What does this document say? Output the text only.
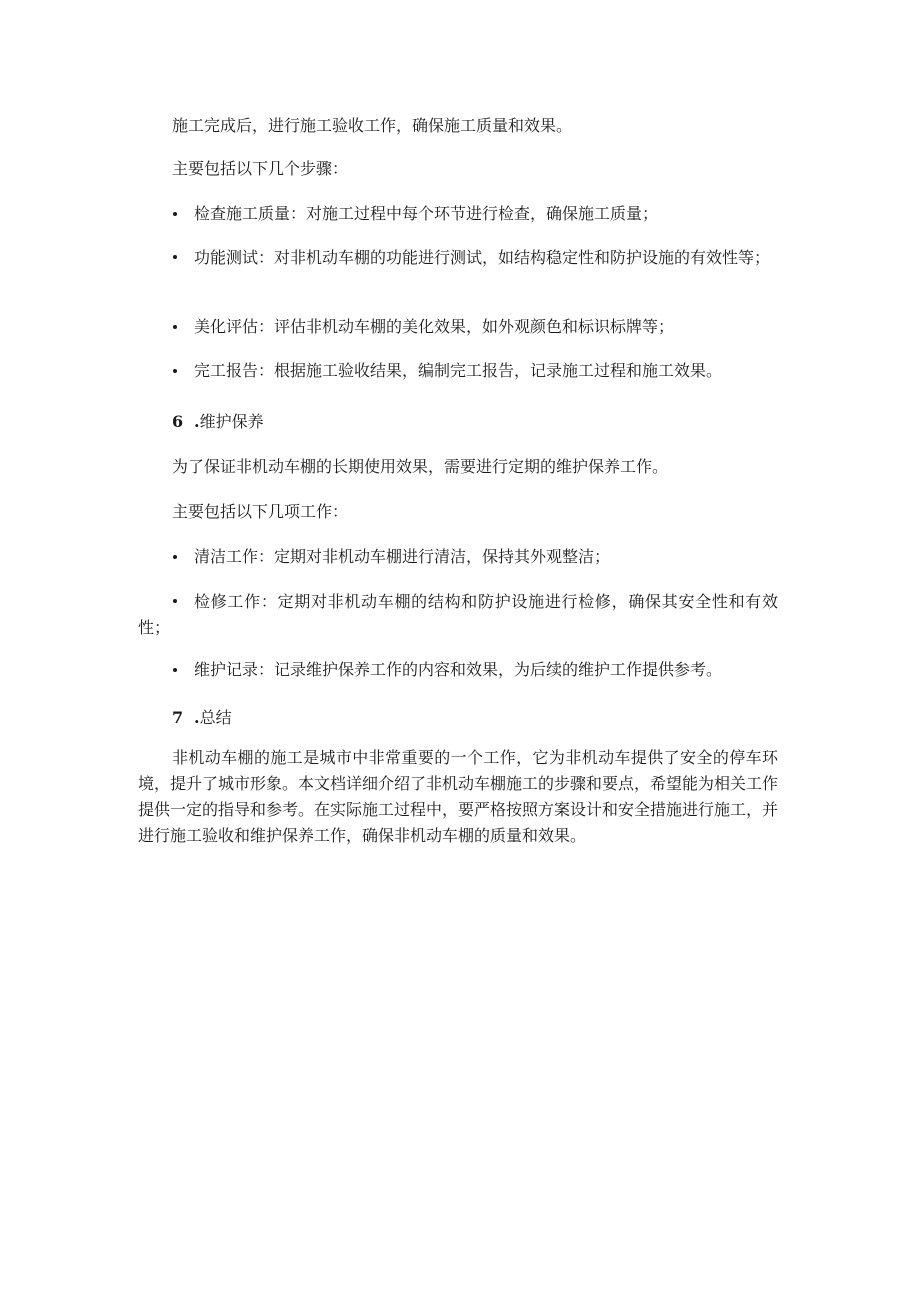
施工完成后，进行施工验收工作，确保施工质量和效果。

主要包括以下几个步骤：

检查施工质量：对施工过程中每个环节进行检查，确保施工质量；

功能测试：对非机动车棚的功能进行测试，如结构稳定性和防护设施的有效性等；

美化评估：评估非机动车棚的美化效果，如外观颜色和标识标牌等；

完工报告：根据施工验收结果，编制完工报告，记录施工过程和施工效果。

6 .维护保养

为了保证非机动车棚的长期使用效果，需要进行定期的维护保养工作。

主要包括以下几项工作：

清洁工作：定期对非机动车棚进行清洁，保持其外观整洁；

检修工作：定期对非机动车棚的结构和防护设施进行检修，确保其安全性和有效性；

维护记录：记录维护保养工作的内容和效果，为后续的维护工作提供参考。

7 .总结

非机动车棚的施工是城市中非常重要的一个工作，它为非机动车提供了安全的停车环境，提升了城市形象。本文档详细介绍了非机动车棚施工的步骤和要点，希望能为相关工作提供一定的指导和参考。在实际施工过程中，要严格按照方案设计和安全措施进行施工，并进行施工验收和维护保养工作，确保非机动车棚的质量和效果。
